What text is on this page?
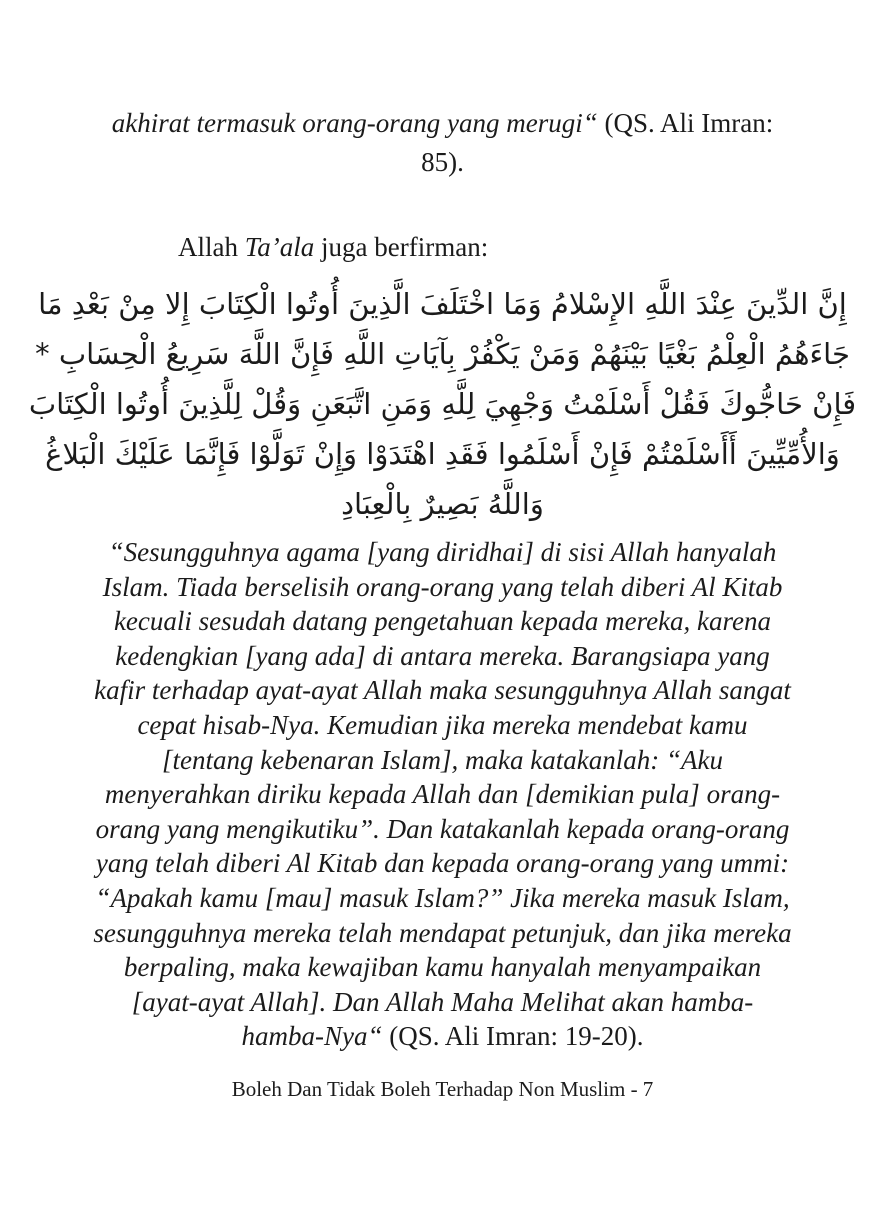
akhirat termasuk orang-orang yang merugi“ (QS. Ali Imran:
85).
Allah Ta’ala juga berfirman:
إِنَّ الدِّينَ عِنْدَ اللَّهِ الإِسْلامُ وَمَا اخْتَلَفَ الَّذِينَ أُوتُوا الْكِتَابَ إِلا مِنْ بَعْدِ مَا
جَاءَهُمُ الْعِلْمُ بَغْيًا بَيْنَهُمْ وَمَنْ يَكْفُرْ بِآيَاتِ اللَّهِ فَإِنَّ اللَّهَ سَرِيعُ الْحِسَابِ *
فَإِنْ حَاجُّوكَ فَقُلْ أَسْلَمْتُ وَجْهِيَ لِلَّهِ وَمَنِ اتَّبَعَنِ وَقُلْ لِلَّذِينَ أُوتُوا الْكِتَابَ
وَالأُمِّيِّينَ أَأَسْلَمْتُمْ فَإِنْ أَسْلَمُوا فَقَدِ اهْتَدَوْا وَإِنْ تَوَلَّوْا فَإِنَّمَا عَلَيْكَ الْبَلاغُ
وَاللَّهُ بَصِيرٌ بِالْعِبَادِ
“Sesungguhnya agama [yang diridhai] di sisi Allah hanyalah
Islam. Tiada berselisih orang-orang yang telah diberi Al Kitab
kecuali sesudah datang pengetahuan kepada mereka, karena
kedengkian [yang ada] di antara mereka. Barangsiapa yang
kafir terhadap ayat-ayat Allah maka sesungguhnya Allah sangat
cepat hisab-Nya. Kemudian jika mereka mendebat kamu
[tentang kebenaran Islam], maka katakanlah: “Aku
menyerahkan diriku kepada Allah dan [demikian pula] orang-
orang yang mengikutiku”. Dan katakanlah kepada orang-orang
yang telah diberi Al Kitab dan kepada orang-orang yang ummi:
“Apakah kamu [mau] masuk Islam?” Jika mereka masuk Islam,
sesungguhnya mereka telah mendapat petunjuk, dan jika mereka
berpaling, maka kewajiban kamu hanyalah menyampaikan
[ayat-ayat Allah]. Dan Allah Maha Melihat akan hamba-
hamba-Nya“ (QS. Ali Imran: 19-20).
Boleh Dan Tidak Boleh Terhadap Non Muslim - 7
